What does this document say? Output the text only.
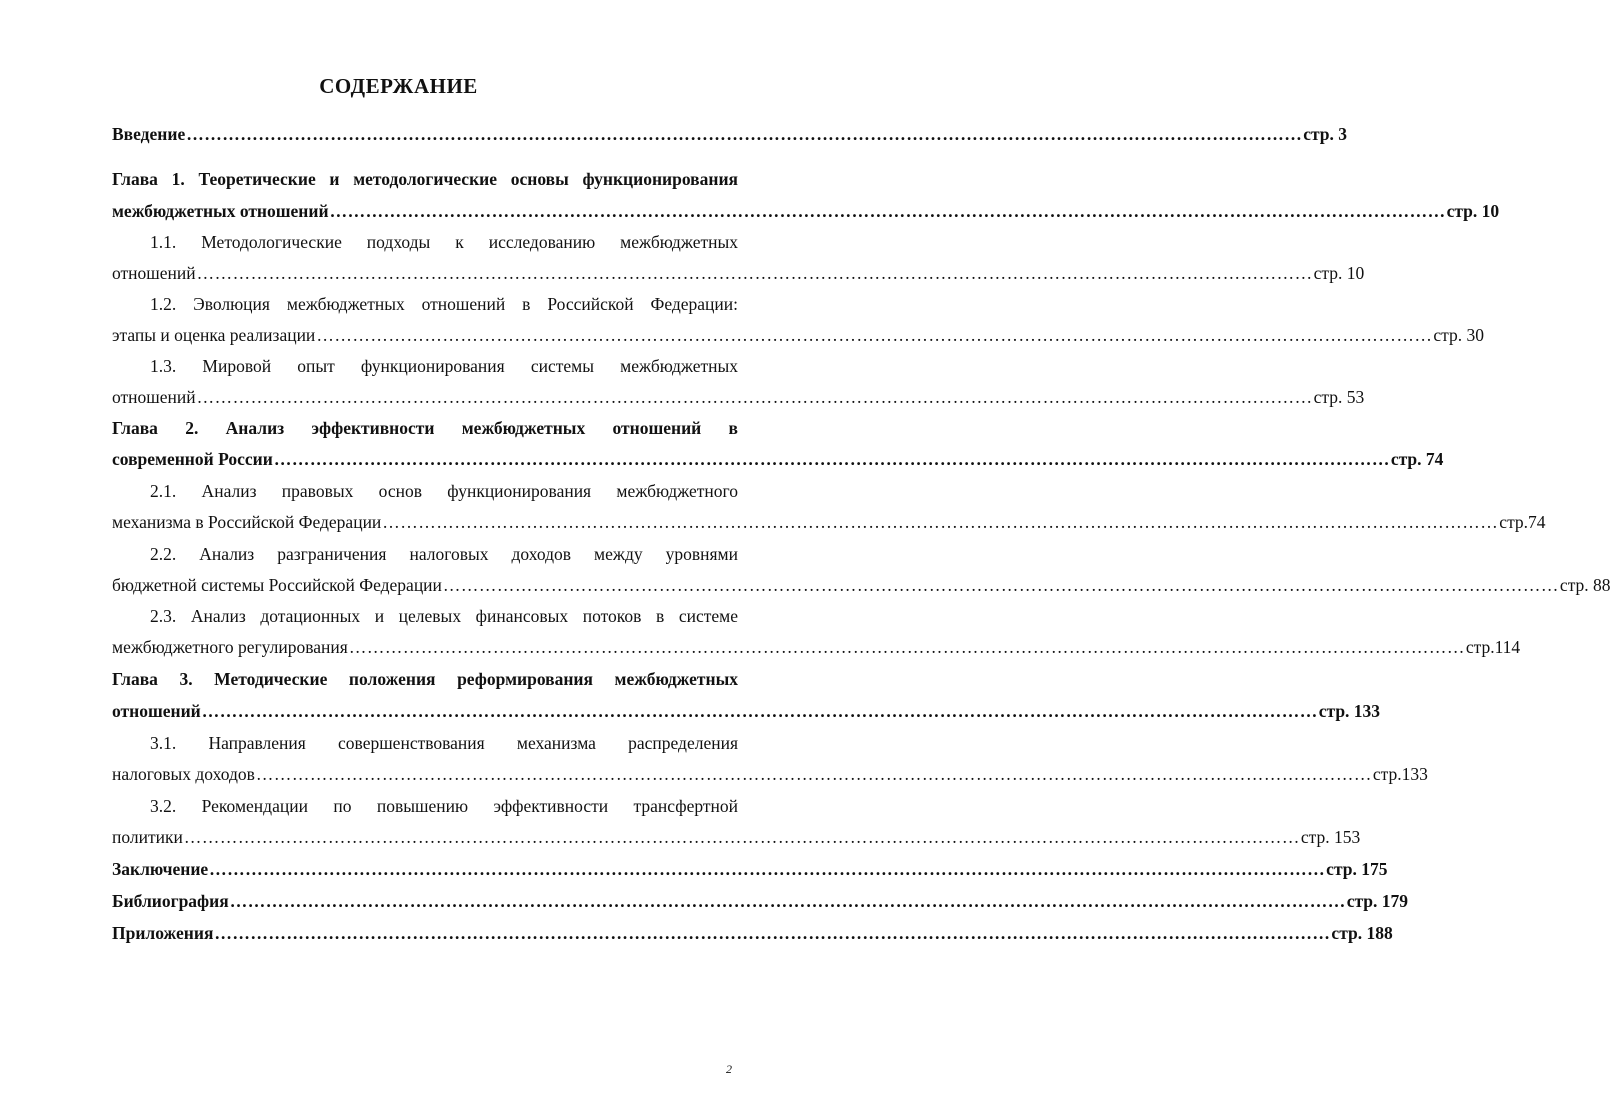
СОДЕРЖАНИЕ
Введение …………………………………………………………………………………………………………………………………………………………………… стр. 3
Глава 1. Теоретические и методологические основы функционирования
межбюджетных отношений …………………………………………………………………………………………………………………………………………………………………… стр. 10
1.1. Методологические подходы к исследованию межбюджетных
отношений …………………………………………………………………………………………………………………………………………………………………… стр. 10
1.2. Эволюция межбюджетных отношений в Российской Федерации:
этапы и оценка реализации …………………………………………………………………………………………………………………………………………………………………… стр. 30
1.3. Мировой опыт функционирования системы межбюджетных
отношений …………………………………………………………………………………………………………………………………………………………………… стр. 53
Глава 2. Анализ эффективности межбюджетных отношений в
современной России …………………………………………………………………………………………………………………………………………………………………… стр. 74
2.1. Анализ правовых основ функционирования межбюджетного
механизма в Российской Федерации …………………………………………………………………………………………………………………………………………………………………… стр.74
2.2. Анализ разграничения налоговых доходов между уровнями
бюджетной системы Российской Федерации …………………………………………………………………………………………………………………………………………………………………… стр. 88
2.3. Анализ дотационных и целевых финансовых потоков в системе
межбюджетного регулирования …………………………………………………………………………………………………………………………………………………………………… стр.114
Глава 3. Методические положения реформирования межбюджетных
отношений …………………………………………………………………………………………………………………………………………………………………… стр. 133
3.1. Направления совершенствования механизма распределения
налоговых доходов …………………………………………………………………………………………………………………………………………………………………… стр.133
3.2. Рекомендации по повышению эффективности трансфертной
политики …………………………………………………………………………………………………………………………………………………………………… стр. 153
Заключение …………………………………………………………………………………………………………………………………………………………………… стр. 175
Библиография …………………………………………………………………………………………………………………………………………………………………… стр. 179
Приложения …………………………………………………………………………………………………………………………………………………………………… стр. 188
2
